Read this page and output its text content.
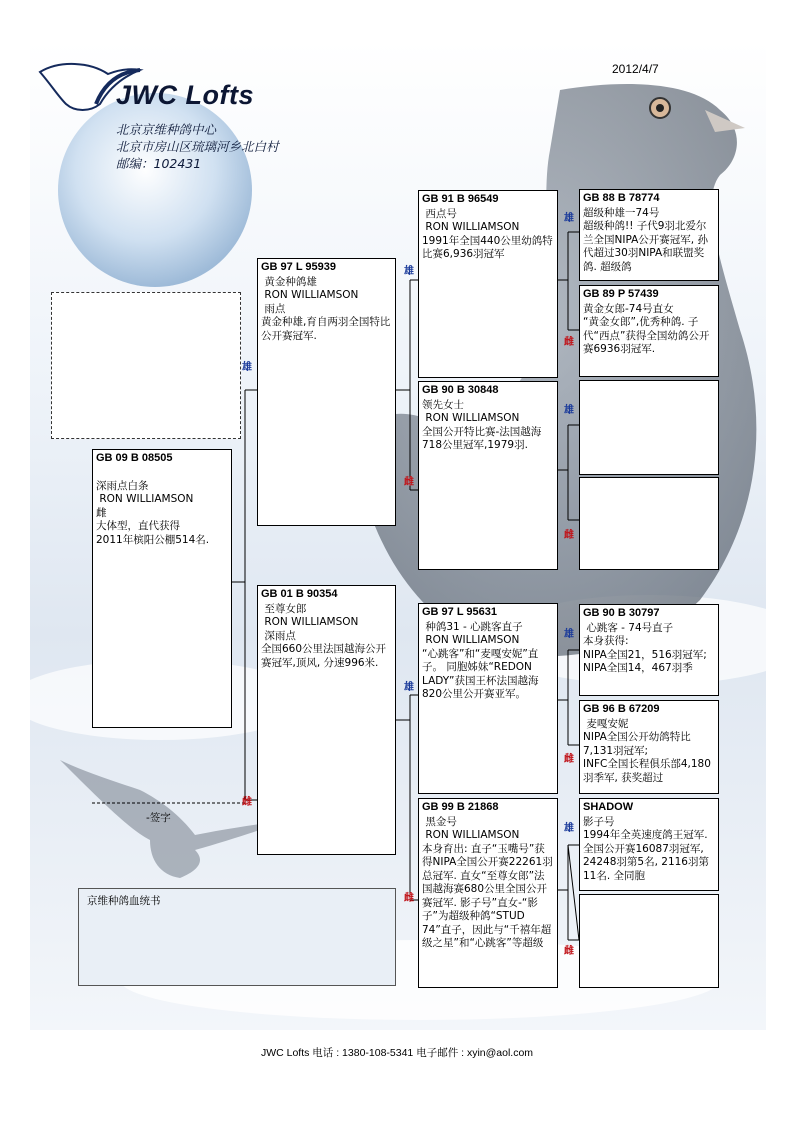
2012/4/7
JWC Lofts
北京京维种鸽中心
北京市房山区琉璃河乡北白村
邮编：102431
GB 09 B 08505
深雨点白条
RON WILLIAMSON
雌
大体型，直代获得
2011年槟阳公棚514名.
GB 97 L 95939
黄金种鸽雄
RON WILLIAMSON
雨点
黄金种雄,育自两羽全国特比公开赛冠军.
GB 01 B 90354
至尊女郎
RON WILLIAMSON
深雨点
全国660公里法国越海公开赛冠军,顶风, 分速996米.
GB 91 B 96549
西点号
RON WILLIAMSON
1991年全国440公里幼鸽特比赛6,936羽冠军
GB 90 B 30848
领先女士
RON WILLIAMSON
全国公开特比赛-法国越海718公里冠军,1979羽.
GB 97 L 95631
种鸽31 - 心跳客直子
RON WILLIAMSON
“心跳客”和“麦嘎安妮”直子。 同胞姊妹“REDON LADY”获国王杯法国越海820公里公开赛亚军。
GB 99 B 21868
黑金号
RON WILLIAMSON
本身育出: 直子“玉嘴号”获得NIPA全国公开赛22261羽总冠军. 直女“至尊女郎”法国越海赛680公里全国公开赛冠军. 影子号”直女-“影子”为超级种鸽“STUD 74”直子，因此与“千禧年超级之星”和“心跳客”等超级
GB 88 B 78774
超级种雄一74号
超级种鸽!! 子代9羽北爱尔兰全国NIPA公开赛冠军, 孙代超过30羽NIPA和联盟奖鸽. 超级鸽
GB 89 P 57439
黄金女郎-74号直女
“黄金女郎”,优秀种鸽. 子代“西点”获得全国幼鸽公开赛6936羽冠军.
GB 90 B 30797
心跳客 - 74号直子
本身获得:
NIPA全国21，516羽冠军;
NIPA全国14，467羽季
GB 96 B 67209
麦嘎安妮
NIPA全国公开幼鸽特比7,131羽冠军;
INFC全国长程俱乐部4,180羽季军, 获奖超过
SHADOW
影子号
1994年全英速度鸽王冠军. 全国公开赛16087羽冠军, 24248羽第5名, 2116羽第11名. 全同胞
雄
雌
雄
雌
雄
雌
雄
雌
雄
雌
雄
雌
雄
雌
-签字
京维种鸽血统书
JWC Lofts 电话 : 1380-108-5341 电子邮件 : xyin@aol.com
